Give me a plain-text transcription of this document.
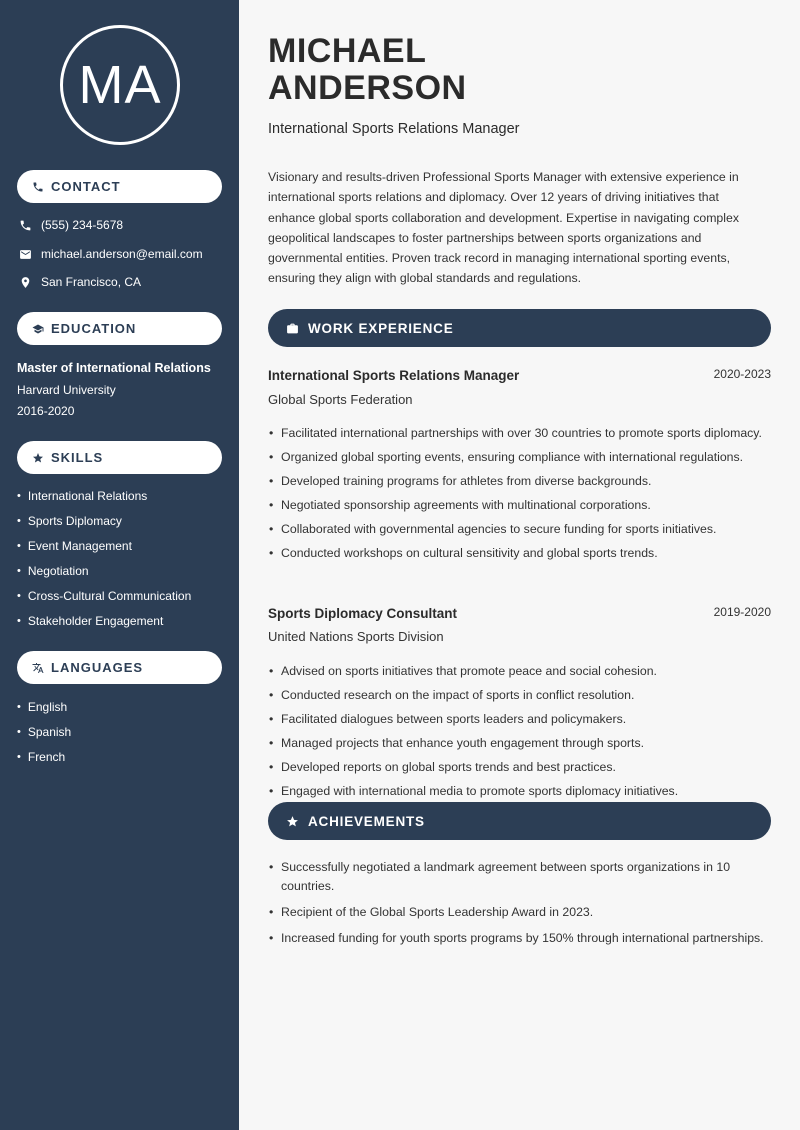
MA
CONTACT
(555) 234-5678
michael.anderson@email.com
San Francisco, CA
EDUCATION
Master of International Relations
Harvard University
2016-2020
SKILLS
• International Relations
• Sports Diplomacy
• Event Management
• Negotiation
• Cross-Cultural Communication
• Stakeholder Engagement
LANGUAGES
• English
• Spanish
• French
MICHAEL
ANDERSON
International Sports Relations Manager

Visionary and results-driven Professional Sports Manager with extensive experience in international sports relations and diplomacy. Over 12 years of driving initiatives that enhance global sports collaboration and development. Expertise in navigating complex geopolitical landscapes to foster partnerships between sports organizations and governmental entities. Proven track record in managing international sporting events, ensuring they align with global standards and regulations.

WORK EXPERIENCE
International Sports Relations Manager	2020-2023
Global Sports Federation
• Facilitated international partnerships with over 30 countries to promote sports diplomacy.
• Organized global sporting events, ensuring compliance with international regulations.
• Developed training programs for athletes from diverse backgrounds.
• Negotiated sponsorship agreements with multinational corporations.
• Collaborated with governmental agencies to secure funding for sports initiatives.
• Conducted workshops on cultural sensitivity and global sports trends.
Sports Diplomacy Consultant	2019-2020
United Nations Sports Division
• Advised on sports initiatives that promote peace and social cohesion.
• Conducted research on the impact of sports in conflict resolution.
• Facilitated dialogues between sports leaders and policymakers.
• Managed projects that enhance youth engagement through sports.
• Developed reports on global sports trends and best practices.
• Engaged with international media to promote sports diplomacy initiatives.
ACHIEVEMENTS
• Successfully negotiated a landmark agreement between sports organizations in 10 countries.
• Recipient of the Global Sports Leadership Award in 2023.
• Increased funding for youth sports programs by 150% through international partnerships.
